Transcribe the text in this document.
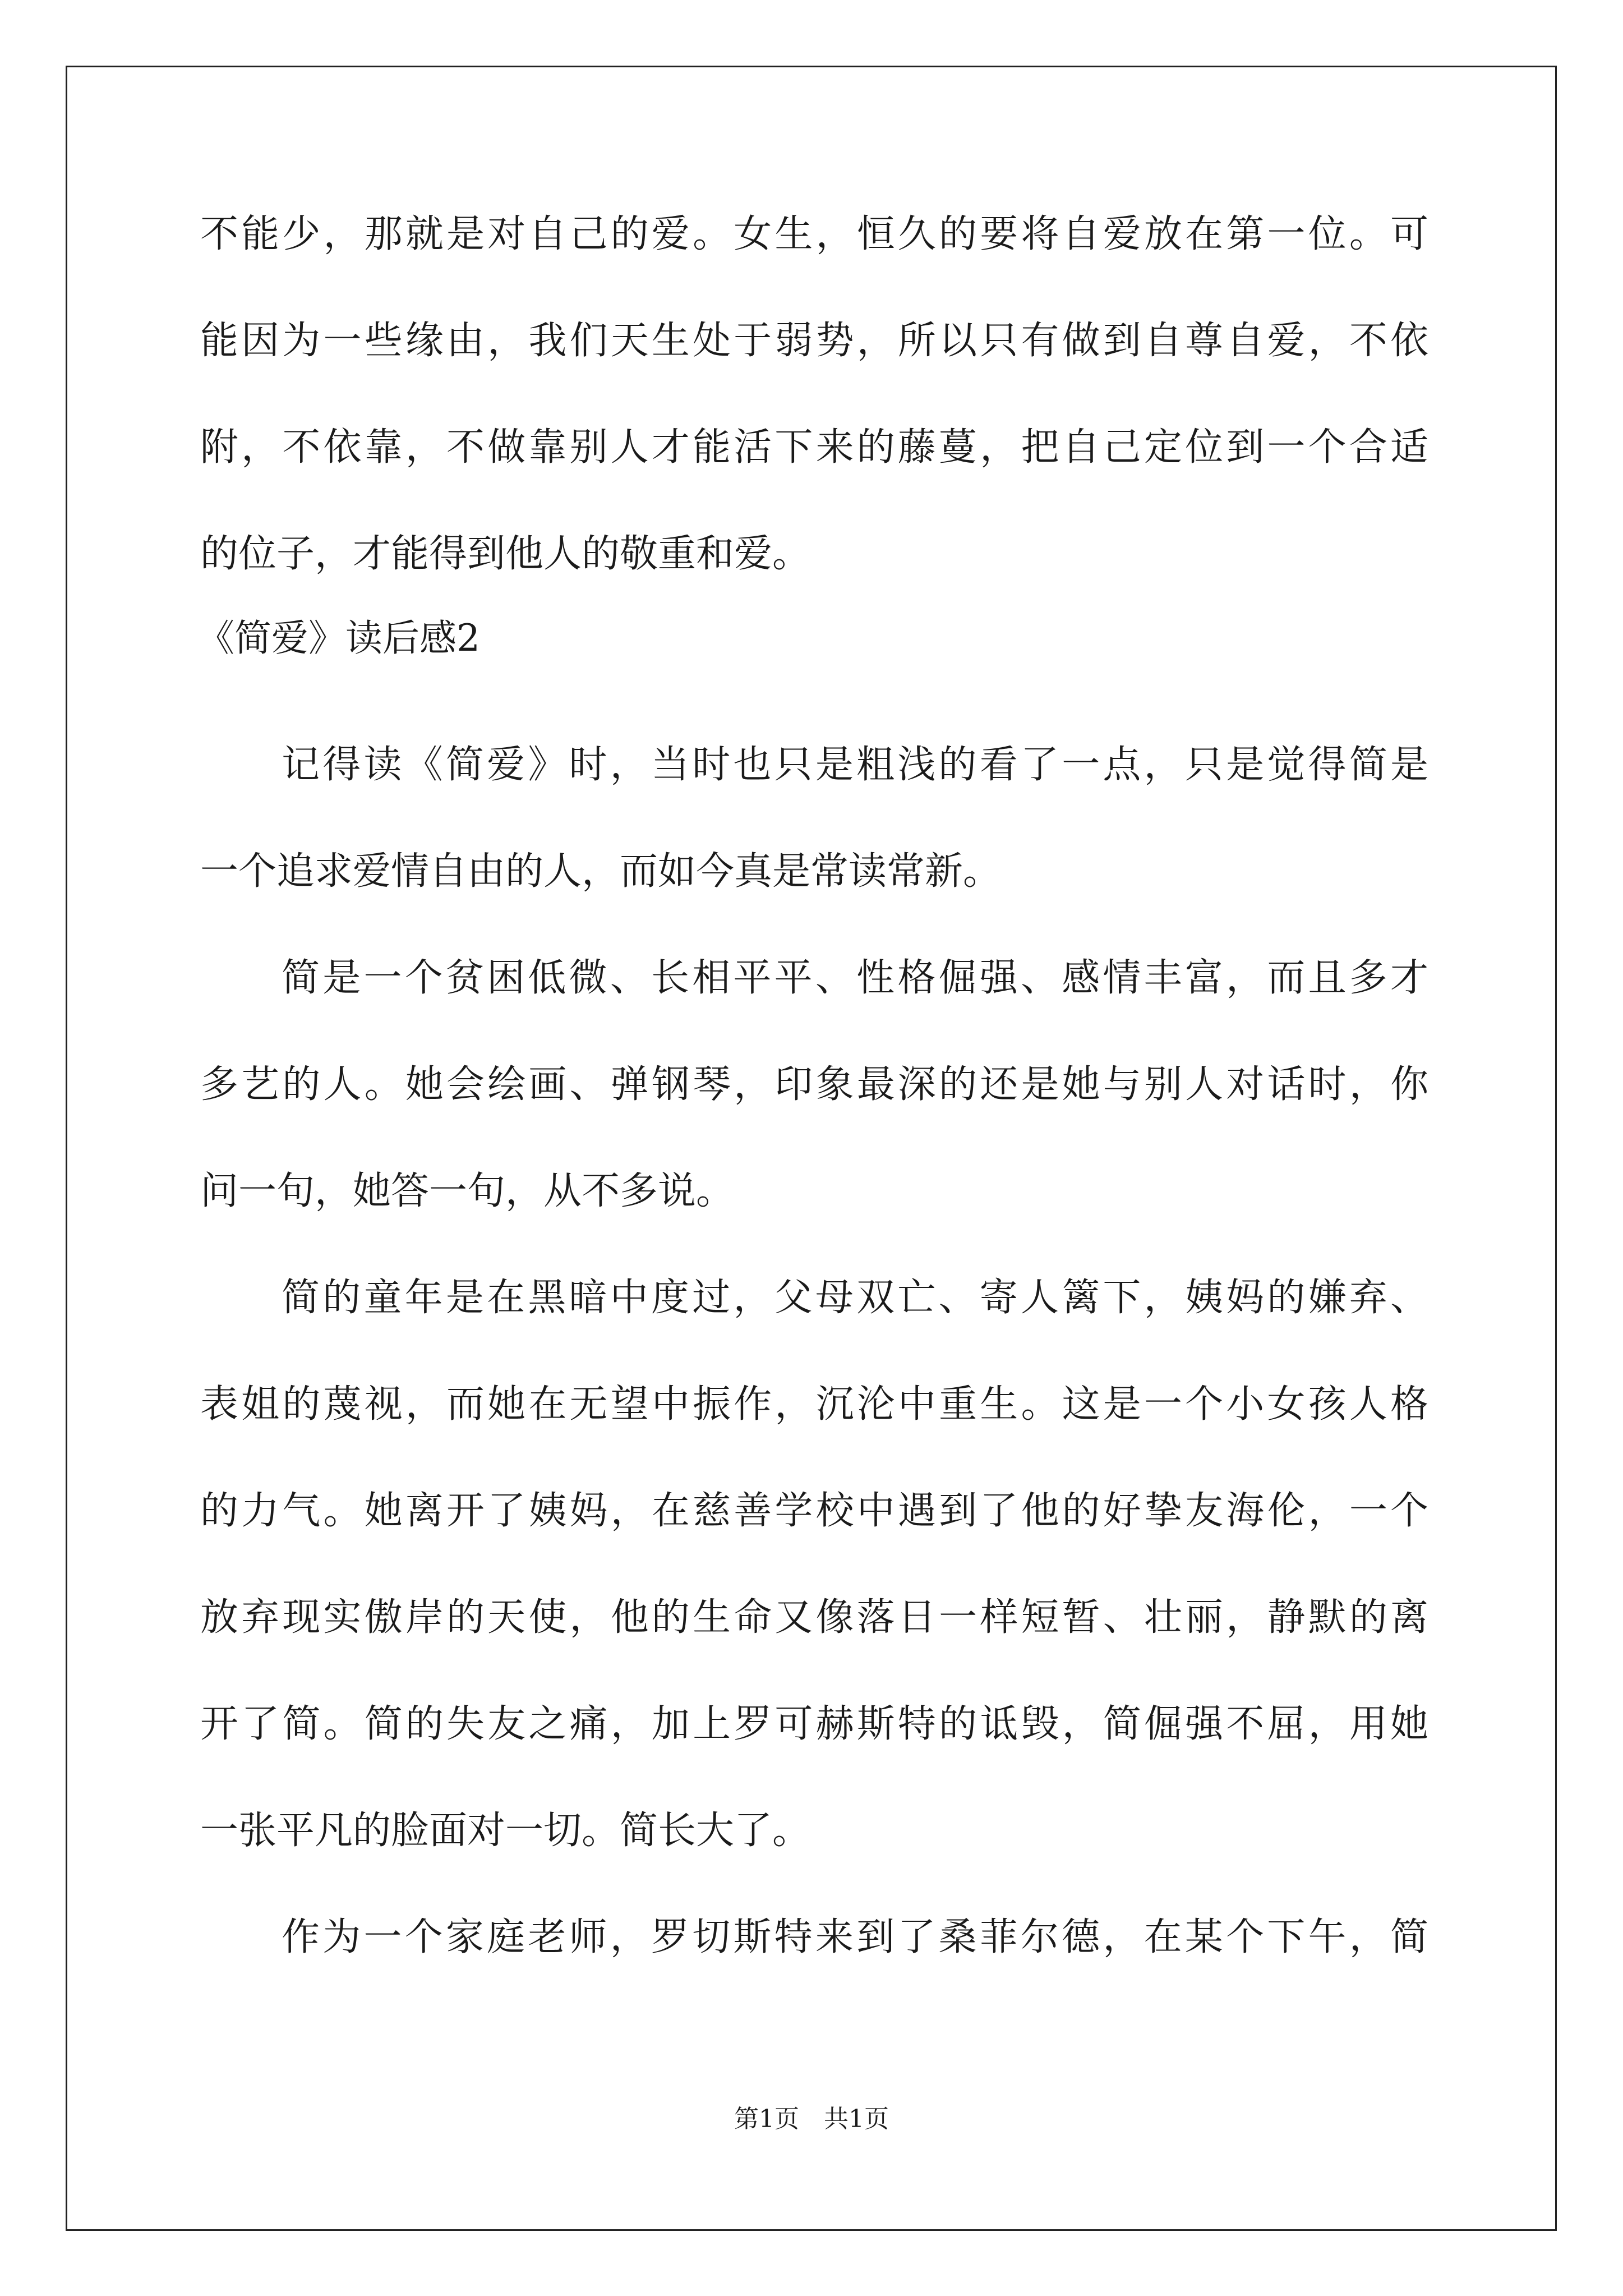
不能少，那就是对自己的爱。女生，恒久的要将自爱放在第一位。可
能因为一些缘由，我们天生处于弱势，所以只有做到自尊自爱，不依
附，不依靠，不做靠别人才能活下来的藤蔓，把自己定位到一个合适
的位子，才能得到他人的敬重和爱。
《简爱》读后感2
记得读《简爱》时，当时也只是粗浅的看了一点，只是觉得简是
一个追求爱情自由的人，而如今真是常读常新。
简是一个贫困低微、长相平平、性格倔强、感情丰富，而且多才
多艺的人。她会绘画、弹钢琴，印象最深的还是她与别人对话时，你
问一句，她答一句，从不多说。
简的童年是在黑暗中度过，父母双亡、寄人篱下，姨妈的嫌弃、
表姐的蔑视，而她在无望中振作，沉沦中重生。这是一个小女孩人格
的力气。她离开了姨妈，在慈善学校中遇到了他的好挚友海伦，一个
放弃现实傲岸的天使，他的生命又像落日一样短暂、壮丽，静默的离
开了简。简的失友之痛，加上罗可赫斯特的诋毁，简倔强不屈，用她
一张平凡的脸面对一切。简长大了。
作为一个家庭老师，罗切斯特来到了桑菲尔德，在某个下午，简
第1页　共1页
